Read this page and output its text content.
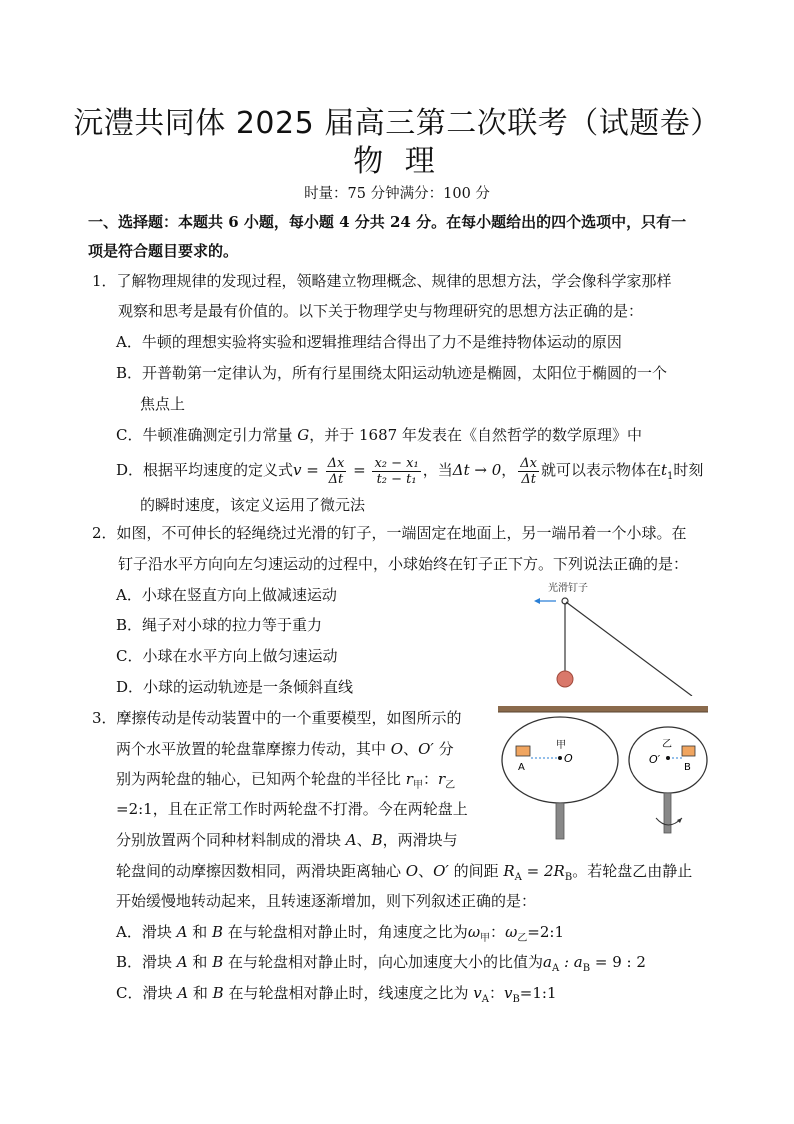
沅澧共同体 2025 届高三第二次联考（试题卷）
物 理
时量：75 分钟满分：100 分
一、选择题：本题共 6 小题，每小题 4 分共 24 分。在每小题给出的四个选项中，只有一
项是符合题目要求的。
1．了解物理规律的发现过程，领略建立物理概念、规律的思想方法，学会像科学家那样
观察和思考是最有价值的。以下关于物理学史与物理研究的思想方法正确的是：
A．牛顿的理想实验将实验和逻辑推理结合得出了力不是维持物体运动的原因
B．开普勒第一定律认为，所有行星围绕太阳运动轨迹是椭圆，太阳位于椭圆的一个
焦点上
C．牛顿准确测定引力常量 G，并于 1687 年发表在《自然哲学的数学原理》中
D．根据平均速度的定义式$v = \frac{\Delta x}{\Delta t} = \frac{\text{x₂ − x₁}}{\text{t₂ − t₁}}$ ，当Δt → 0， $\frac{\Delta x}{\Delta t}$ 就可以表示物体在$t_1$时刻
的瞬时速度，该定义运用了微元法
2．如图，不可伸长的轻绳绕过光滑的钉子，一端固定在地面上，另一端吊着一个小球。在
钉子沿水平方向向左匀速运动的过程中，小球始终在钉子正下方。下列说法正确的是：
A．小球在竖直方向上做减速运动
B．绳子对小球的拉力等于重力
C．小球在水平方向上做匀速运动
D．小球的运动轨迹是一条倾斜直线
光滑钉子
3．摩擦传动是传动装置中的一个重要模型，如图所示的
两个水平放置的轮盘靠摩擦力传动，其中 O、O′ 分
别为两轮盘的轴心，已知两个轮盘的半径比 $r_甲$：$r_乙$
=2:1，且在正常工作时两轮盘不打滑。今在两轮盘上
分别放置两个同种材料制成的滑块 A、B，两滑块与
轮盘间的动摩擦因数相同，两滑块距离轴心 O、O′ 的间距 $R_A = 2R_B$。若轮盘乙由静止
开始缓慢地转动起来，且转速逐渐增加，则下列叙述正确的是：
A．滑块 A 和 B 在与轮盘相对静止时，角速度之比为$\omega_甲$：$\omega_乙=2:1$
B．滑块 A 和 B 在与轮盘相对静止时，向心加速度大小的比值为$a_A$ : $a_B = 9$ : 2
C．滑块 A 和 B 在与轮盘相对静止时，线速度之比为 $v_A$：$v_B=1:1$
A
O
甲
B
O′
乙
